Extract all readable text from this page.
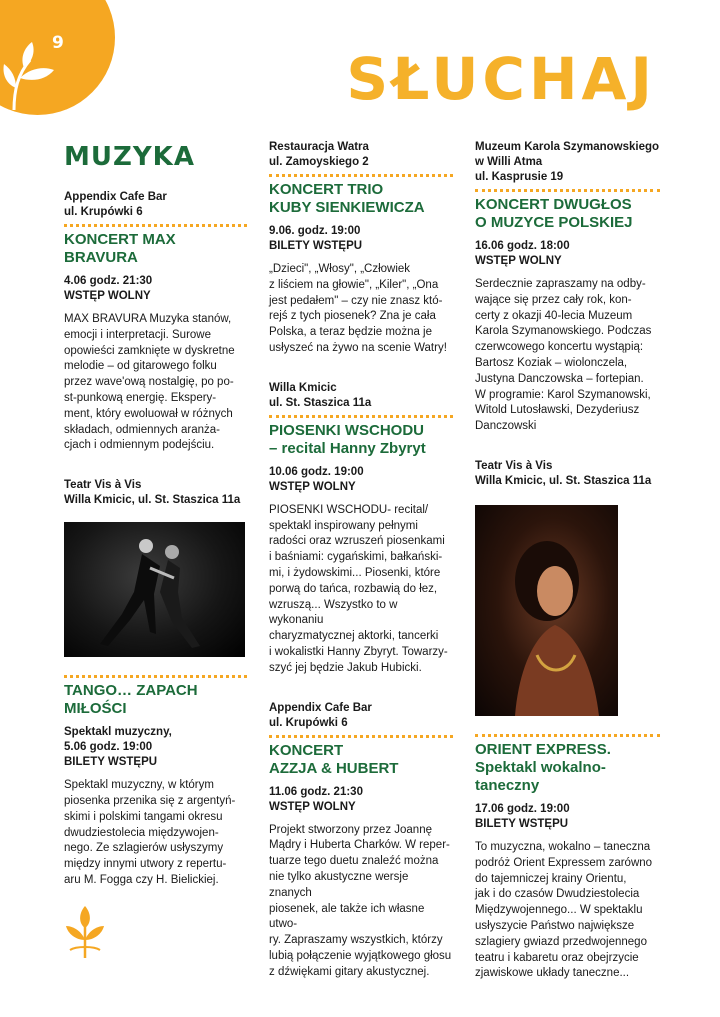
9
SŁUCHAJ
MUZYKA
Appendix Cafe Bar
ul. Krupówki 6
KONCERT MAX BRAVURA
4.06 godz. 21:30
WSTĘP WOLNY
MAX BRAVURA Muzyka stanów,
emocji i interpretacji. Surowe
opowieści zamknięte w dyskretne
melodie – od gitarowego folku
przez wave'ową nostalgię, po po-
st-punkową energię. Ekspery-
ment, który ewoluował w różnych
składach, odmiennych aranża-
cjach i odmiennym podejściu.
Teatr Vis à Vis
Willa Kmicic, ul. St. Staszica 11a
TANGO… ZAPACH MIŁOŚCI
Spektakl muzyczny,
5.06 godz. 19:00
BILETY WSTĘPU
Spektakl muzyczny, w którym
piosenka przenika się z argentyń-
skimi i polskimi tangami okresu
dwudziestolecia międzywojen-
nego. Ze szlagierów usłyszymy
między innymi utwory z repertu-
aru M. Fogga czy H. Bielickiej.
Restauracja Watra
ul. Zamoyskiego 2
KONCERT TRIO
KUBY SIENKIEWICZA
9.06. godz. 19:00
BILETY WSTĘPU
„Dzieci", „Włosy", „Człowiek
z liściem na głowie", „Kiler", „Ona
jest pedałem" – czy nie znasz któ-
rejś z tych piosenek? Zna je cała
Polska, a teraz będzie można je
usłyszeć na żywo na scenie Watry!
Willa Kmicic
ul. St. Staszica 11a
PIOSENKI WSCHODU
– recital Hanny Zbyryt
10.06 godz. 19:00
WSTĘP WOLNY
PIOSENKI WSCHODU- recital/
spektakl inspirowany pełnymi
radości oraz wzruszeń piosenkami
i baśniami: cygańskimi, bałkański-
mi, i żydowskimi... Piosenki, które
porwą do tańca, rozbawią do łez,
wzruszą... Wszystko to w wykonaniu
charyzmatycznej aktorki, tancerki
i wokalistki Hanny Zbyryt. Towarzy-
szyć jej będzie Jakub Hubicki.
Appendix Cafe Bar
ul. Krupówki 6
KONCERT
AZZJA & HUBERT
11.06 godz. 21:30
WSTĘP WOLNY
Projekt stworzony przez Joannę
Mądry i Huberta Charków. W reper-
tuarze tego duetu znaleźć można
nie tylko akustyczne wersje znanych
piosenek, ale także ich własne utwo-
ry. Zapraszamy wszystkich, którzy
lubią połączenie wyjątkowego głosu
z dźwiękami gitary akustycznej.
Muzeum Karola Szymanowskiego
w Willi Atma
ul. Kasprusie 19
KONCERT DWUGŁOS
O MUZYCE POLSKIEJ
16.06 godz. 18:00
WSTĘP WOLNY
Serdecznie zapraszamy na odby-
wające się przez cały rok, kon-
certy z okazji 40-lecia Muzeum
Karola Szymanowskiego. Podczas
czerwcowego koncertu wystąpią:
Bartosz Koziak – wiolonczela,
Justyna Danczowska – fortepian.
W programie: Karol Szymanowski,
Witold Lutosławski, Dezyderiusz
Danczowski
Teatr Vis à Vis
Willa Kmicic, ul. St. Staszica 11a
ORIENT EXPRESS.
Spektakl wokalno-taneczny
17.06 godz. 19:00
BILETY WSTĘPU
To muzyczna, wokalno – taneczna
podróż Orient Expressem zarówno
do tajemniczej krainy Orientu,
jak i do czasów Dwudziestolecia
Międzywojennego... W spektaklu
usłyszycie Państwo największe
szlagiery gwiazd przedwojennego
teatru i kabaretu oraz obejrzycie
zjawiskowe układy taneczne...
